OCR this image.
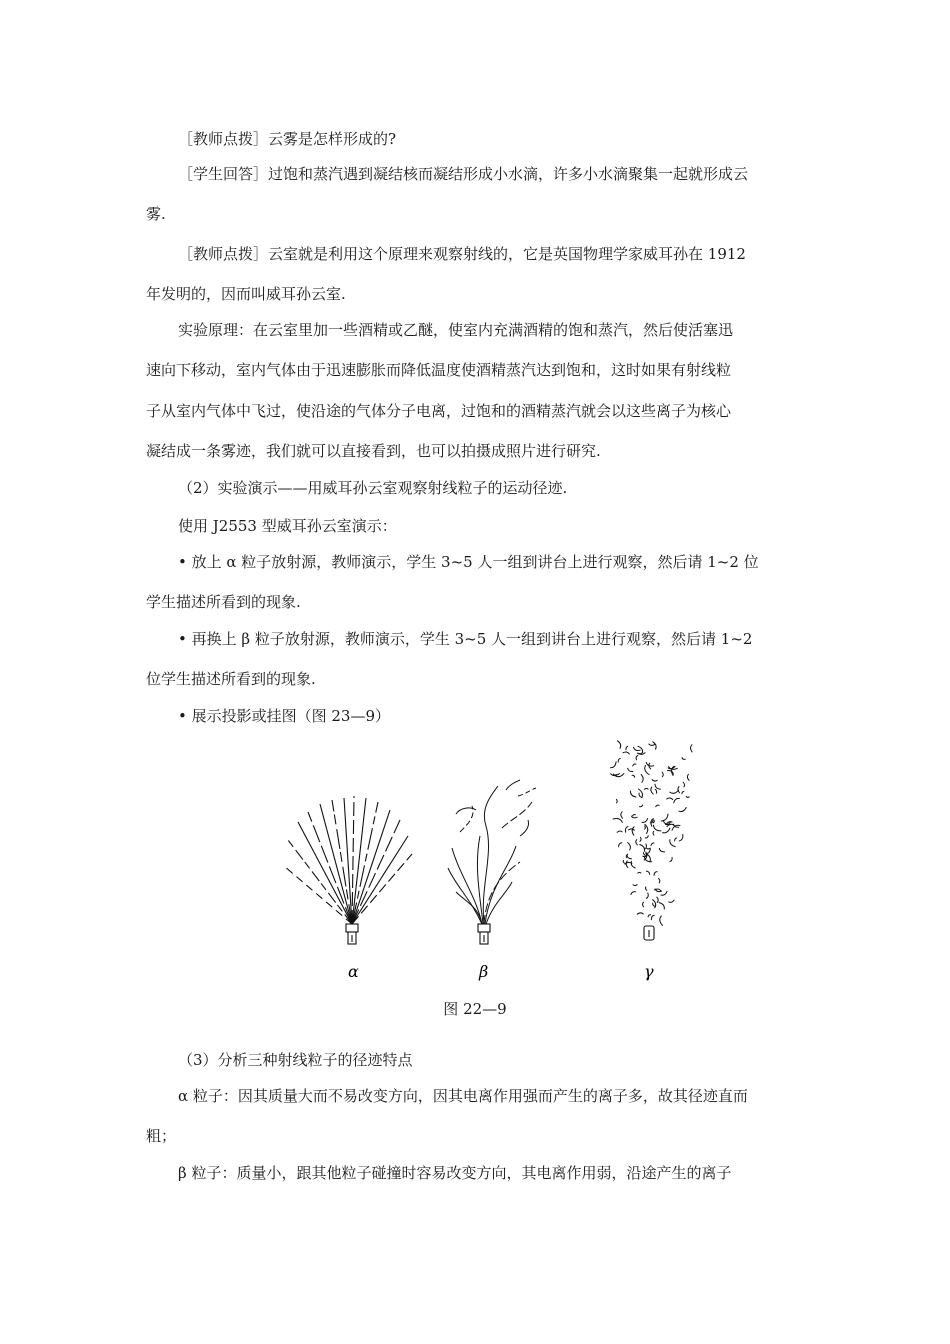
［教师点拨］云雾是怎样形成的?
［学生回答］过饱和蒸汽遇到凝结核而凝结形成小水滴，许多小水滴聚集一起就形成云
雾.
［教师点拨］云室就是利用这个原理来观察射线的，它是英国物理学家威耳孙在 1912
年发明的，因而叫威耳孙云室.
实验原理：在云室里加一些酒精或乙醚，使室内充满酒精的饱和蒸汽，然后使活塞迅
速向下移动，室内气体由于迅速膨胀而降低温度使酒精蒸汽达到饱和，这时如果有射线粒
子从室内气体中飞过，使沿途的气体分子电离，过饱和的酒精蒸汽就会以这些离子为核心
凝结成一条雾迹，我们就可以直接看到，也可以拍摄成照片进行研究.
（2）实验演示——用威耳孙云室观察射线粒子的运动径迹.
使用 J2553 型威耳孙云室演示：
• 放上 α 粒子放射源，教师演示，学生 3~5 人一组到讲台上进行观察，然后请 1~2 位
学生描述所看到的现象.
• 再换上 β 粒子放射源，教师演示，学生 3~5 人一组到讲台上进行观察，然后请 1~2
位学生描述所看到的现象.
• 展示投影或挂图（图 23—9）
α	β	γ
图 22—9
（3）分析三种射线粒子的径迹特点
α 粒子：因其质量大而不易改变方向，因其电离作用强而产生的离子多，故其径迹直而
粗；
β 粒子：质量小，跟其他粒子碰撞时容易改变方向，其电离作用弱，沿途产生的离子
